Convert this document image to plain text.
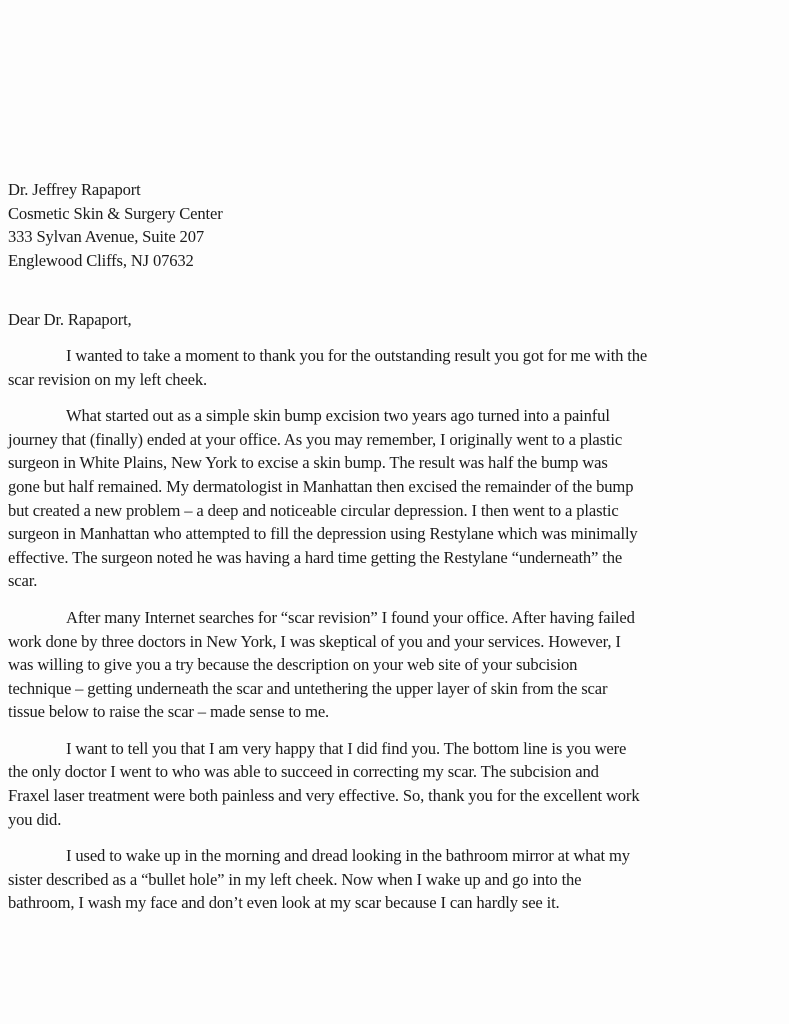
Dr. Jeffrey Rapaport
Cosmetic Skin & Surgery Center
333 Sylvan Avenue, Suite 207
Englewood Cliffs, NJ 07632
Dear Dr. Rapaport,
I wanted to take a moment to thank you for the outstanding result you got for me with the
scar revision on my left cheek.
What started out as a simple skin bump excision two years ago turned into a painful
journey that (finally) ended at your office. As you may remember, I originally went to a plastic
surgeon in White Plains, New York to excise a skin bump. The result was half the bump was
gone but half remained. My dermatologist in Manhattan then excised the remainder of the bump
but created a new problem – a deep and noticeable circular depression. I then went to a plastic
surgeon in Manhattan who attempted to fill the depression using Restylane which was minimally
effective. The surgeon noted he was having a hard time getting the Restylane “underneath” the
scar.
After many Internet searches for “scar revision” I found your office. After having failed
work done by three doctors in New York, I was skeptical of you and your services. However, I
was willing to give you a try because the description on your web site of your subcision
technique – getting underneath the scar and untethering the upper layer of skin from the scar
tissue below to raise the scar – made sense to me.
I want to tell you that I am very happy that I did find you. The bottom line is you were
the only doctor I went to who was able to succeed in correcting my scar. The subcision and
Fraxel laser treatment were both painless and very effective. So, thank you for the excellent work
you did.
I used to wake up in the morning and dread looking in the bathroom mirror at what my
sister described as a “bullet hole” in my left cheek. Now when I wake up and go into the
bathroom, I wash my face and don’t even look at my scar because I can hardly see it.
